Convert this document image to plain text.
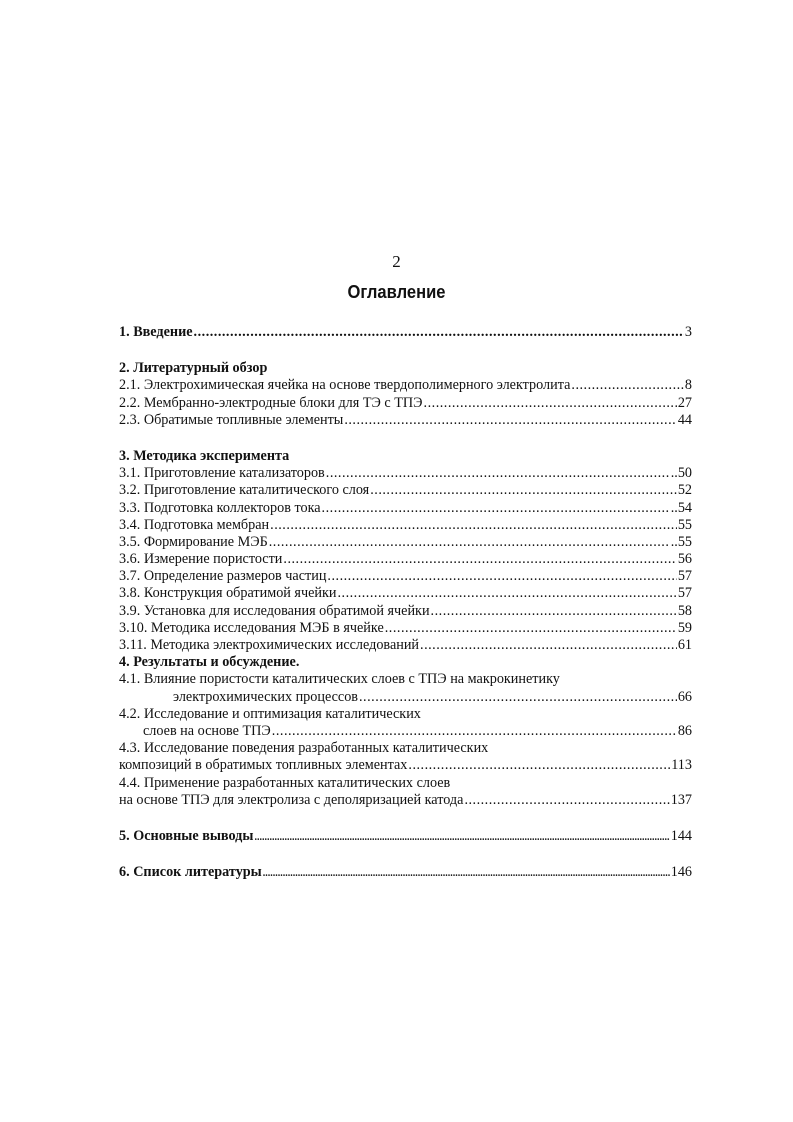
2
Оглавление
1. Введение .....	3
2. Литературный обзор
2.1. Электрохимическая ячейка на основе твердополимерного электролита .....	8
2.2. Мембранно-электродные блоки для ТЭ с ТПЭ .....	27
2.3. Обратимые топливные элементы .....	44
3. Методика эксперимента
3.1. Приготовление катализаторов .....	..50
3.2. Приготовление каталитического слоя .....	52
3.3. Подготовка коллекторов тока .....	..54
3.4. Подготовка мембран .....	55
3.5. Формирование МЭБ .....	..55
3.6. Измерение пористости .....	56
3.7. Определение размеров частиц .....	57
3.8. Конструкция обратимой ячейки .....	57
3.9. Установка для исследования обратимой ячейки .....	58
3.10. Методика исследования МЭБ в ячейке .....	59
3.11. Методика электрохимических исследований .....	61
4. Результаты и обсуждение.
4.1. Влияние пористости каталитических слоев с ТПЭ на макрокинетику
электрохимических процессов .....	66
4.2. Исследование и оптимизация каталитических
слоев на основе ТПЭ .....	86
4.3. Исследование поведения разработанных каталитических
композиций в обратимых топливных элементах .....	113
4.4. Применение разработанных каталитических слоев
на основе ТПЭ для электролиза с деполяризацией катода .....	137
5. Основные выводы .....	144
6. Список литературы .....	146
